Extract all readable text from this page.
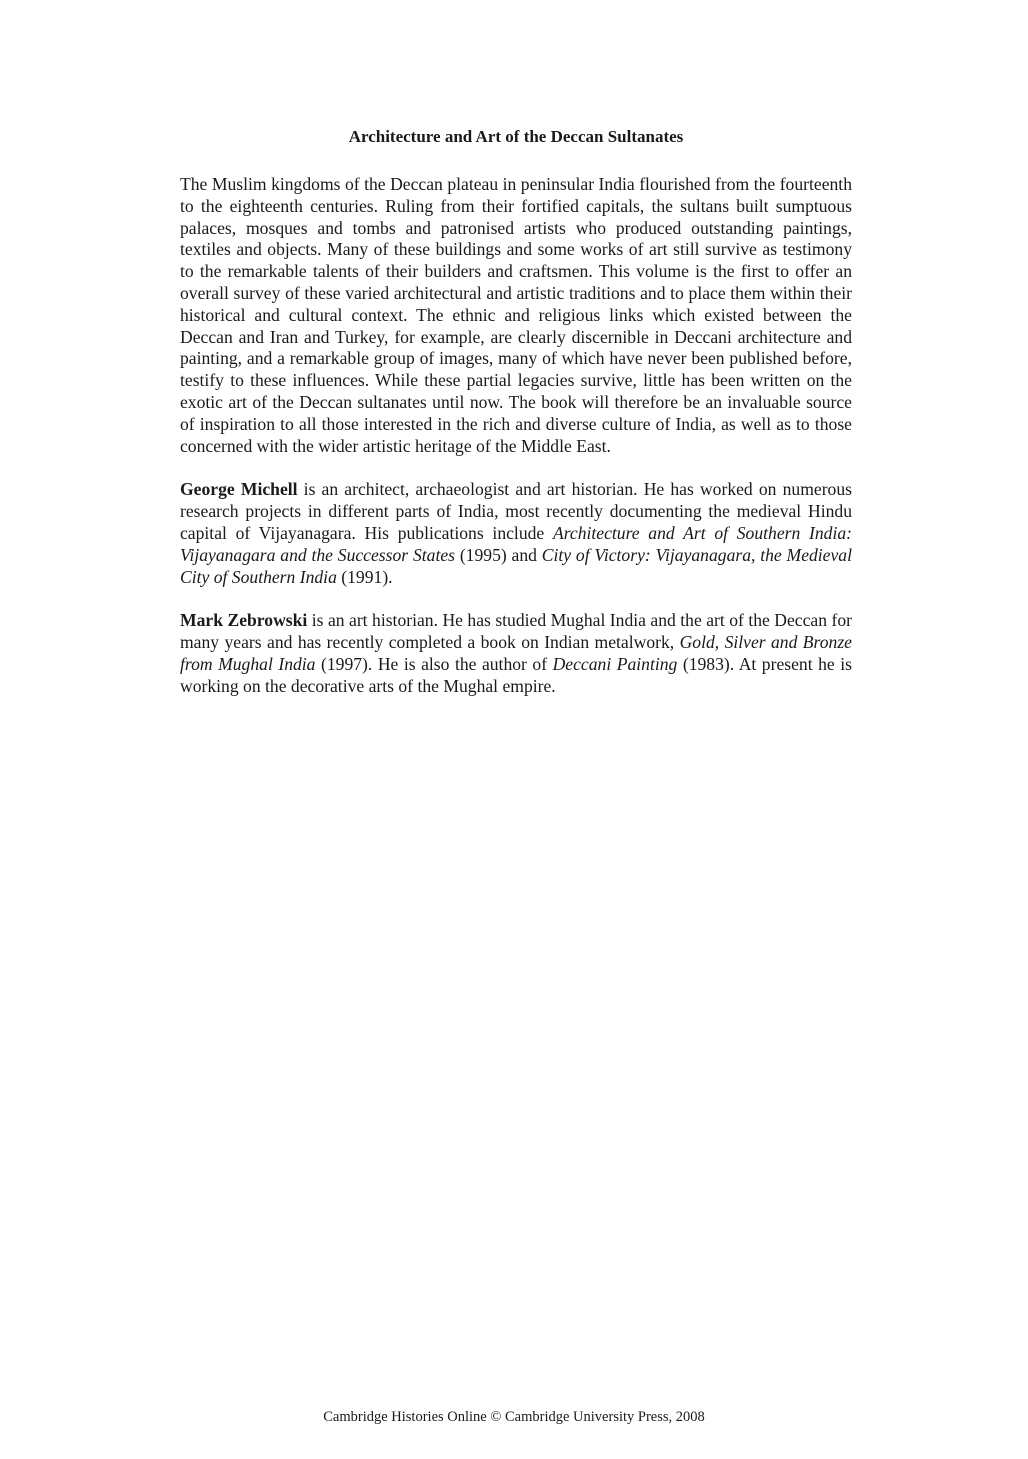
Architecture and Art of the Deccan Sultanates

The Muslim kingdoms of the Deccan plateau in peninsular India flourished from the fourteenth to the eighteenth centuries. Ruling from their fortified capitals, the sultans built sumptuous palaces, mosques and tombs and patronised artists who produced outstanding paintings, textiles and objects. Many of these buildings and some works of art still survive as testimony to the remarkable talents of their builders and craftsmen. This volume is the first to offer an overall survey of these varied architectural and artistic traditions and to place them within their historical and cultural context. The ethnic and religious links which existed between the Deccan and Iran and Turkey, for example, are clearly discernible in Deccani architecture and painting, and a remarkable group of images, many of which have never been published before, testify to these influences. While these partial legacies survive, little has been written on the exotic art of the Deccan sultanates until now. The book will therefore be an invaluable source of inspiration to all those interested in the rich and diverse culture of India, as well as to those concerned with the wider artistic heritage of the Middle East.

George Michell is an architect, archaeologist and art historian. He has worked on numerous research projects in different parts of India, most recently documenting the medieval Hindu capital of Vijayanagara. His publications include Architecture and Art of Southern India: Vijayanagara and the Successor States (1995) and City of Victory: Vijayanagara, the Medieval City of Southern India (1991).

Mark Zebrowski is an art historian. He has studied Mughal India and the art of the Deccan for many years and has recently completed a book on Indian metalwork, Gold, Silver and Bronze from Mughal India (1997). He is also the author of Deccani Painting (1983). At present he is working on the decorative arts of the Mughal empire.

Cambridge Histories Online © Cambridge University Press, 2008
